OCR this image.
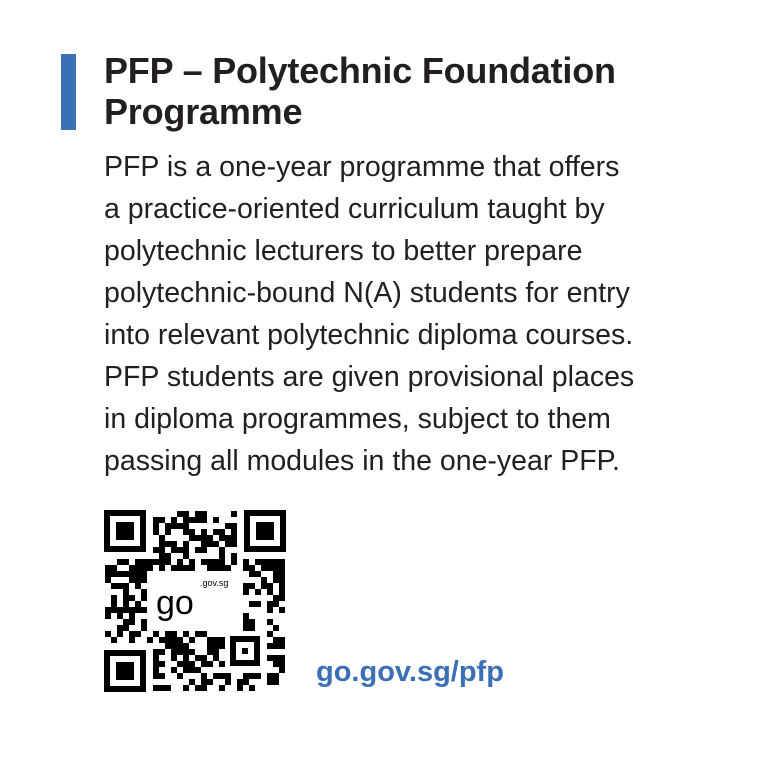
PFP – Polytechnic Foundation
Programme

PFP is a one-year programme that offers
a practice-oriented curriculum taught by
polytechnic lecturers to better prepare
polytechnic-bound N(A) students for entry
into relevant polytechnic diploma courses.
PFP students are given provisional places
in diploma programmes, subject to them
passing all modules in the one-year PFP.

go
.gov.sg
go.gov.sg/pfp
